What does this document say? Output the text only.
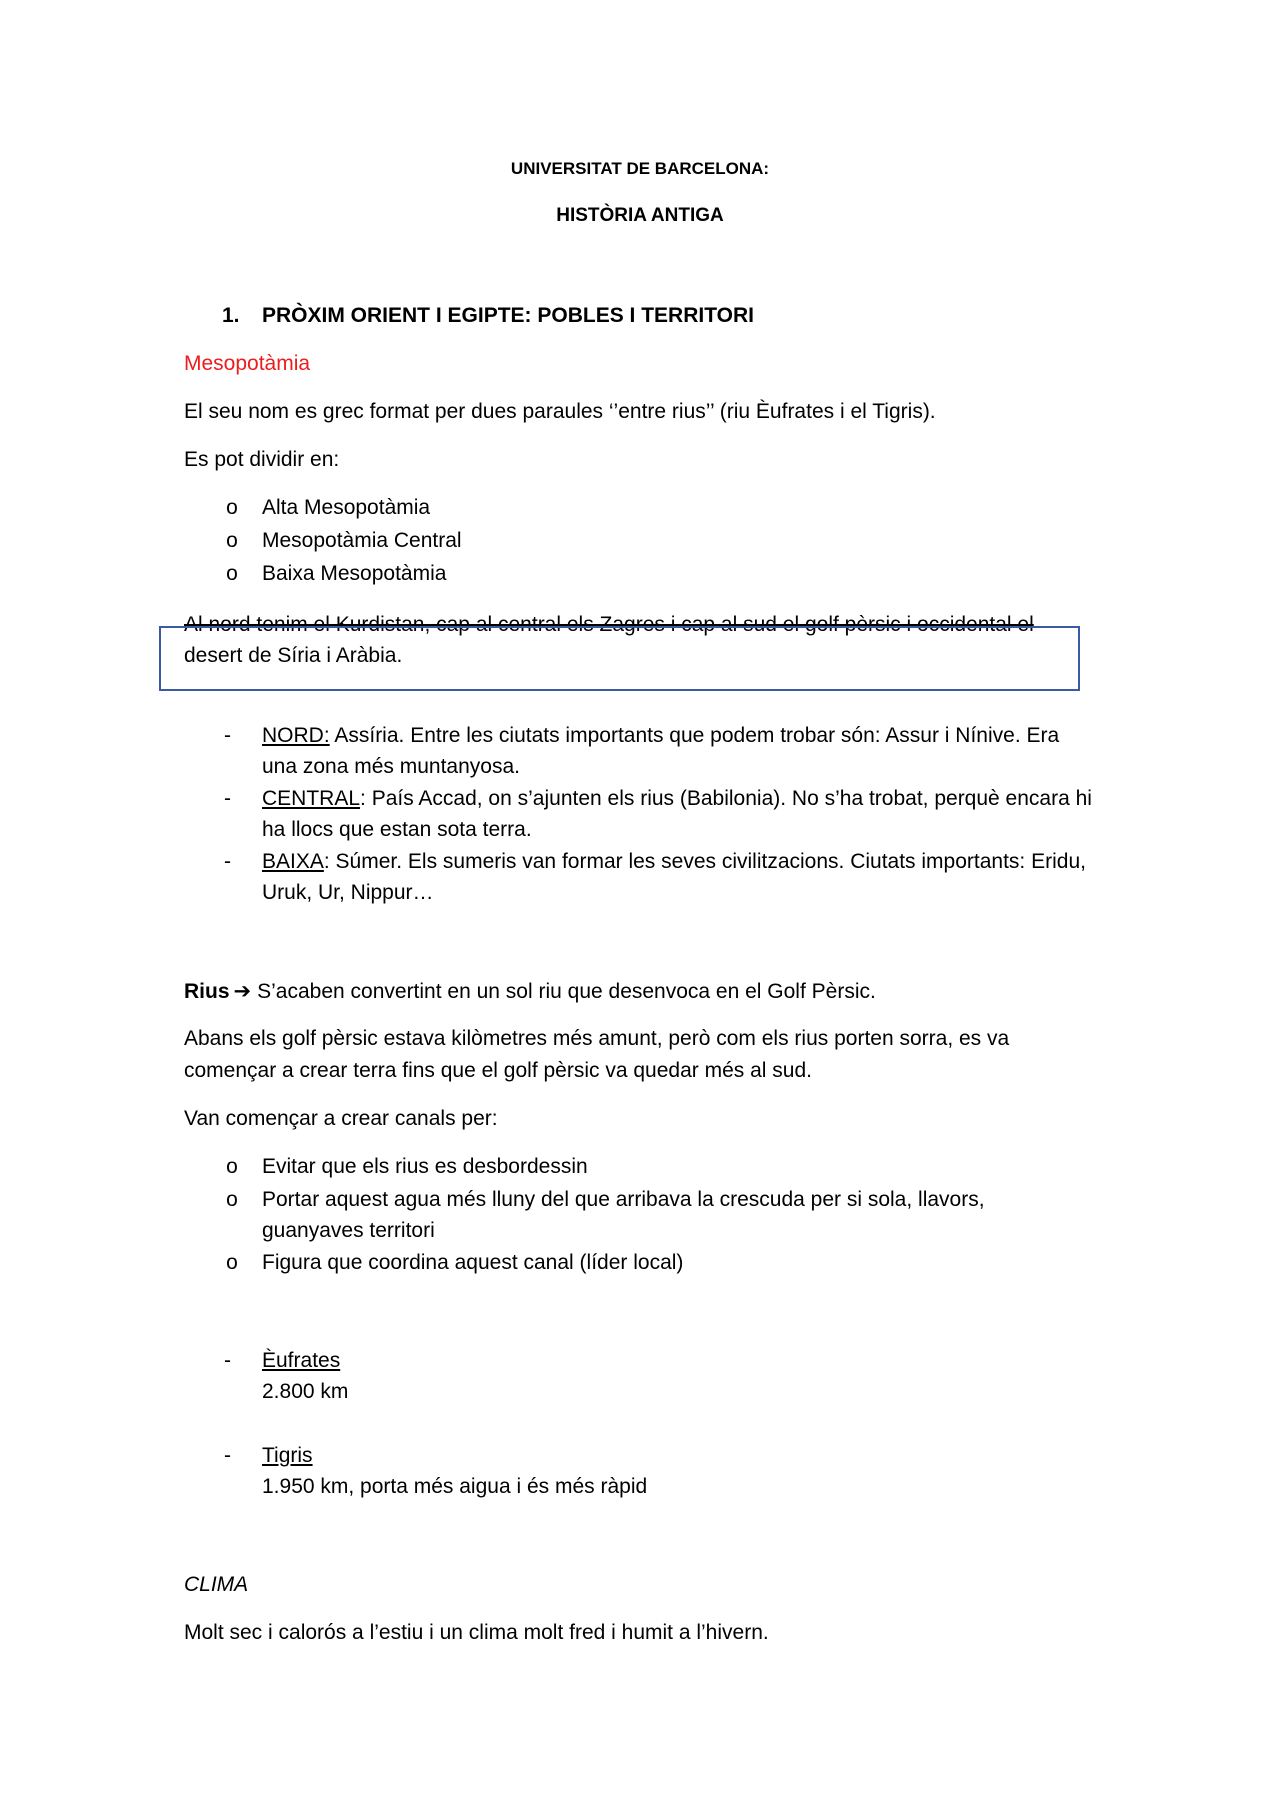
UNIVERSITAT DE BARCELONA:
HISTÒRIA ANTIGA
1. PRÒXIM ORIENT I EGIPTE: POBLES I TERRITORI
Mesopotàmia
El seu nom es grec format per dues paraules ‘’entre rius’’ (riu Èufrates i el Tigris).
Es pot dividir en:
o Alta Mesopotàmia
o Mesopotàmia Central
o Baixa Mesopotàmia
Al nord tenim el Kurdistan, cap al central els Zagres i cap al sud el golf pèrsic i occidental el
desert de Síria i Aràbia.
- NORD: Assíria. Entre les ciutats importants que podem trobar són: Assur i Nínive. Era
una zona més muntanyosa.
- CENTRAL: País Accad, on s’ajunten els rius (Babilonia). No s’ha trobat, perquè encara hi
ha llocs que estan sota terra.
- BAIXA: Súmer. Els sumeris van formar les seves civilitzacions. Ciutats importants: Eridu,
Uruk, Ur, Nippur…
Rius ➔ S’acaben convertint en un sol riu que desenvoca en el Golf Pèrsic.
Abans els golf pèrsic estava kilòmetres més amunt, però com els rius porten sorra, es va
començar a crear terra fins que el golf pèrsic va quedar més al sud.
Van començar a crear canals per:
o Evitar que els rius es desbordessin
o Portar aquest agua més lluny del que arribava la crescuda per si sola, llavors,
guanyaves territori
o Figura que coordina aquest canal (líder local)
- Èufrates
2.800 km
- Tigris
1.950 km, porta més aigua i és més ràpid
CLIMA
Molt sec i calorós a l’estiu i un clima molt fred i humit a l’hivern.
